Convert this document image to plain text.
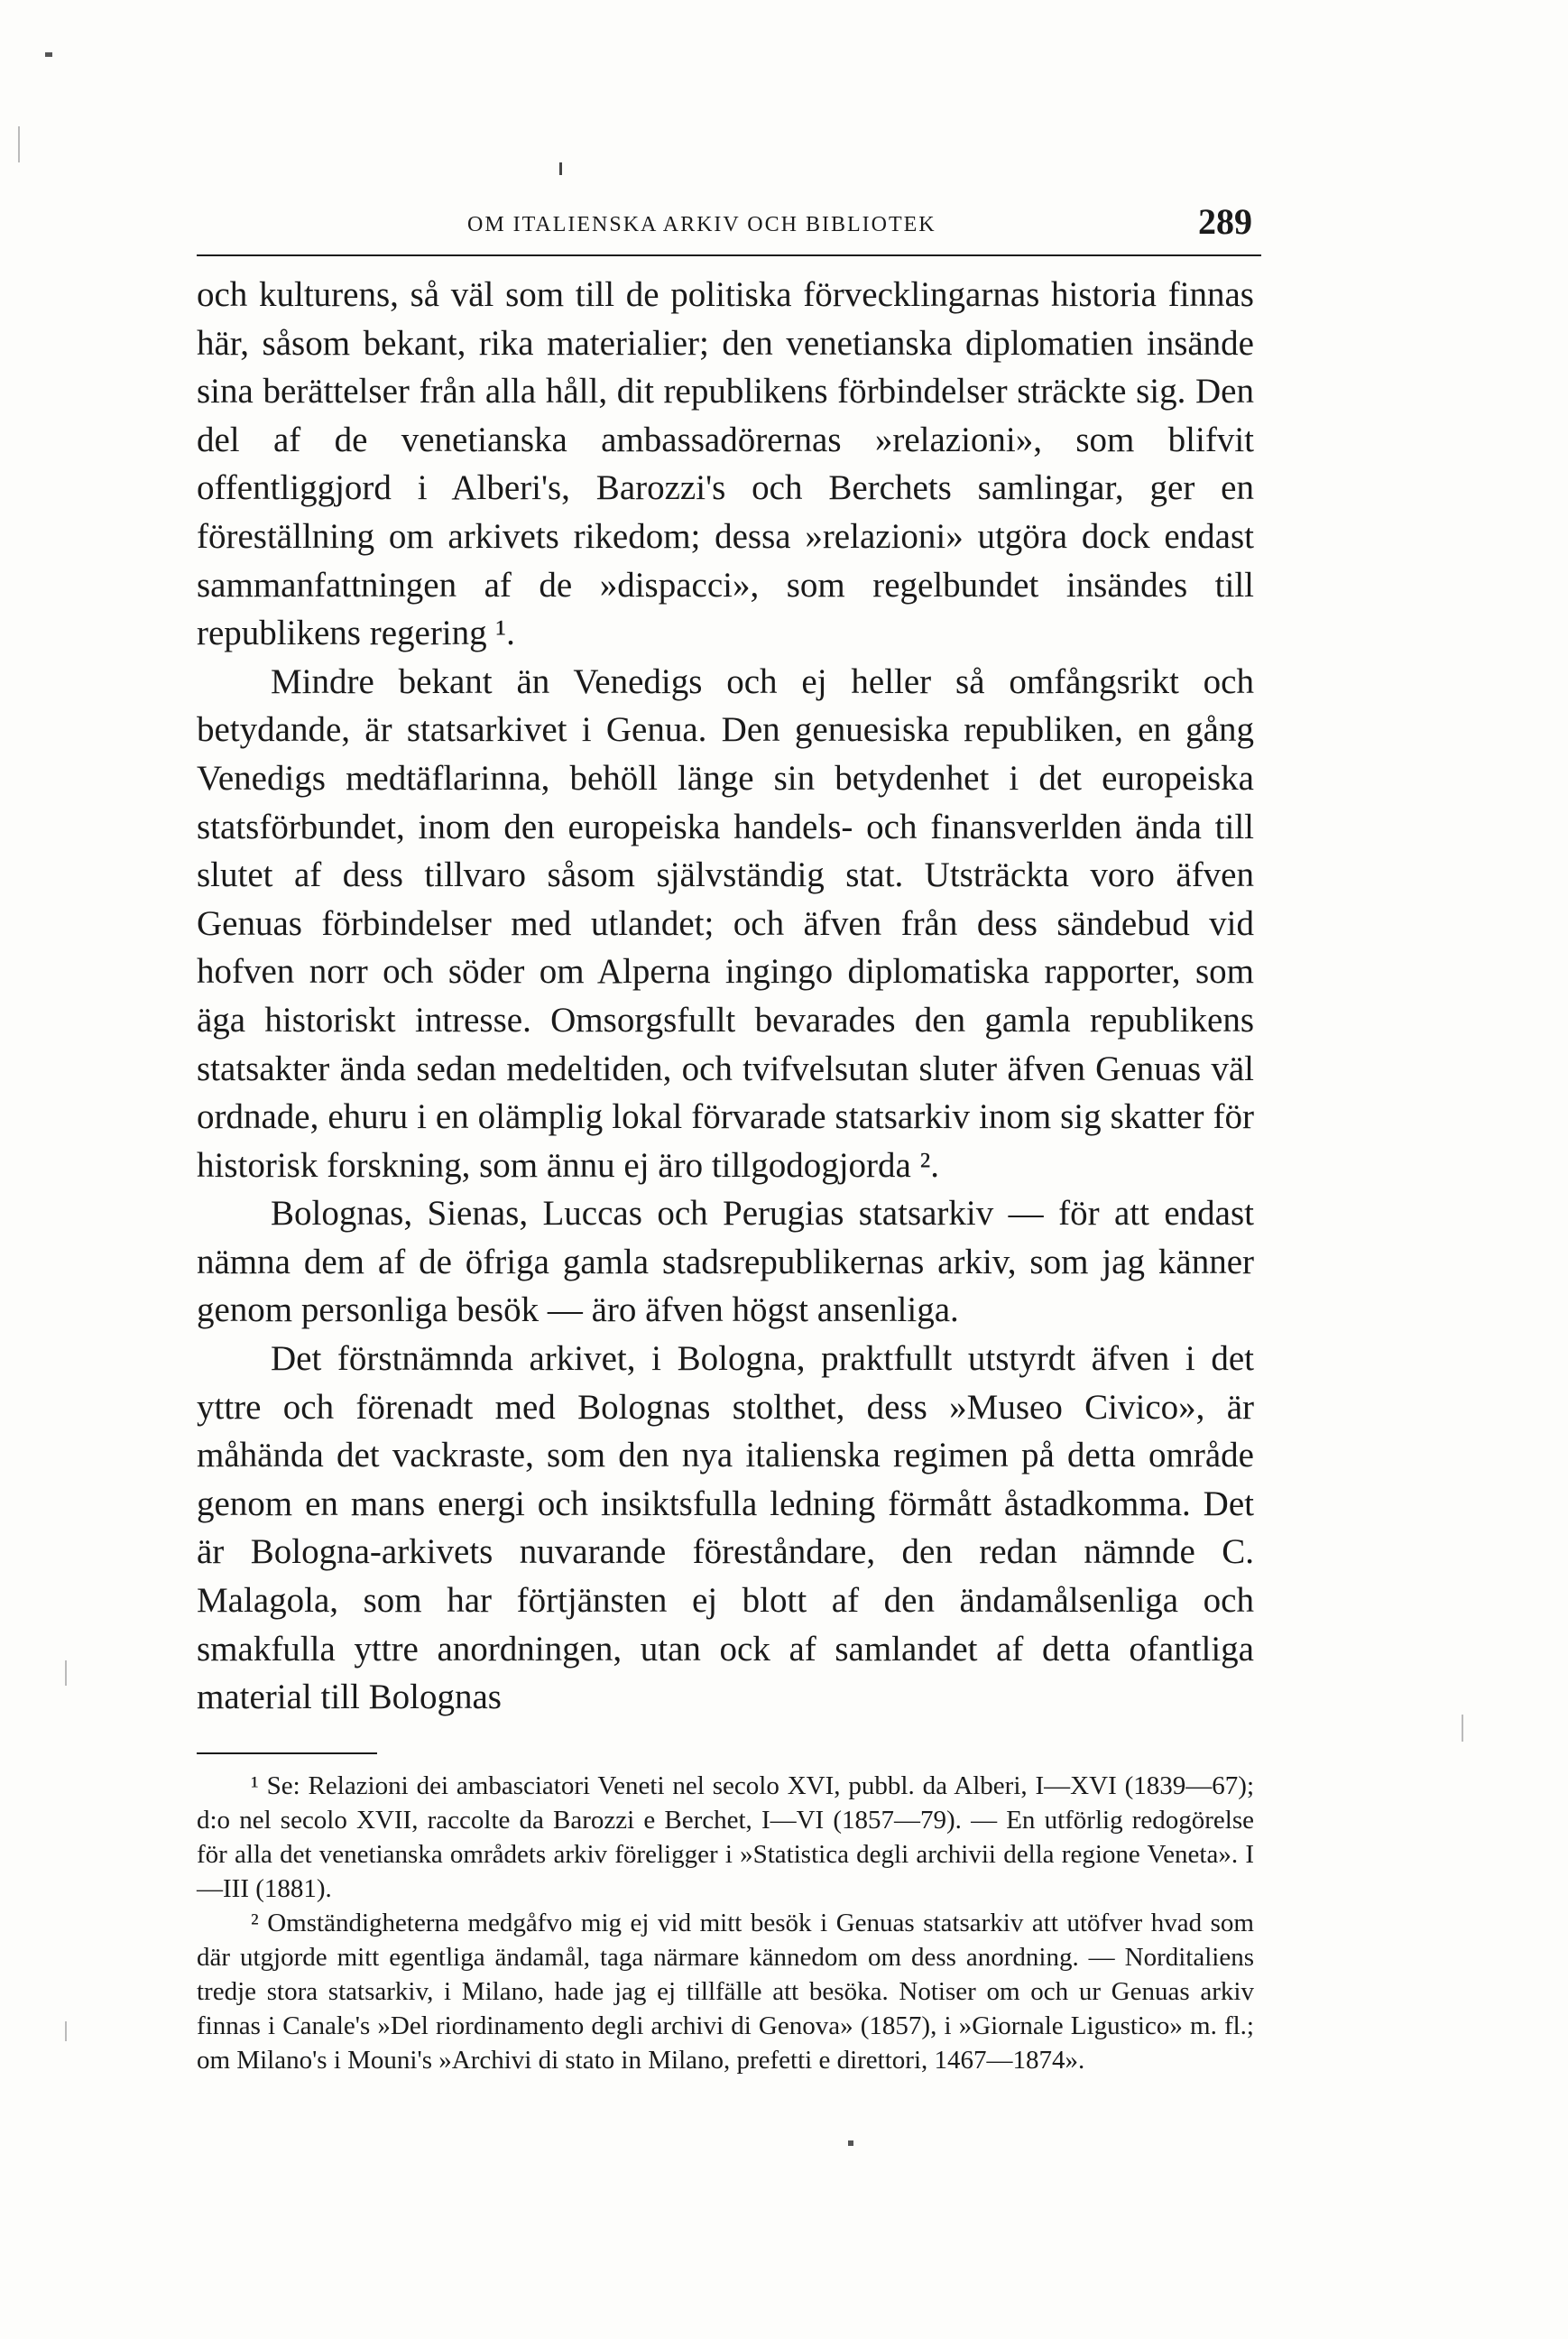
OM ITALIENSKA ARKIV OCH BIBLIOTEK	289

och kulturens, så väl som till de politiska förvecklingarnas historia finnas här, såsom bekant, rika materialier; den venetianska diplomatien insände sina berättelser från alla håll, dit republikens förbindelser sträckte sig. Den del af de venetianska ambassadörernas »relazioni», som blifvit offentliggjord i Alberi's, Barozzi's och Berchets samlingar, ger en föreställning om arkivets rikedom; dessa »relazioni» utgöra dock endast sammanfattningen af de »dispacci», som regelbundet insändes till republikens regering ¹.

Mindre bekant än Venedigs och ej heller så omfångsrikt och betydande, är statsarkivet i Genua. Den genuesiska republiken, en gång Venedigs medtäflarinna, behöll länge sin betydenhet i det europeiska statsförbundet, inom den europeiska handels- och finansverlden ända till slutet af dess tillvaro såsom självständig stat. Utsträckta voro äfven Genuas förbindelser med utlandet; och äfven från dess sändebud vid hofven norr och söder om Alperna ingingo diplomatiska rapporter, som äga historiskt intresse. Omsorgsfullt bevarades den gamla republikens statsakter ända sedan medeltiden, och tvifvelsutan sluter äfven Genuas väl ordnade, ehuru i en olämplig lokal förvarade statsarkiv inom sig skatter för historisk forskning, som ännu ej äro tillgodogjorda ².

Bolognas, Sienas, Luccas och Perugias statsarkiv — för att endast nämna dem af de öfriga gamla stadsrepublikernas arkiv, som jag känner genom personliga besök — äro äfven högst ansenliga.

Det förstnämnda arkivet, i Bologna, praktfullt utstyrdt äfven i det yttre och förenadt med Bolognas stolthet, dess »Museo Civico», är måhända det vackraste, som den nya italienska regimen på detta område genom en mans energi och insiktsfulla ledning förmått åstadkomma. Det är Bologna-arkivets nuvarande föreståndare, den redan nämnde C. Malagola, som har förtjänsten ej blott af den ändamålsenliga och smakfulla yttre anordningen, utan ock af samlandet af detta ofantliga material till Bolognas

¹ Se: Relazioni dei ambasciatori Veneti nel secolo XVI, pubbl. da Alberi, I—XVI (1839—67); d:o nel secolo XVII, raccolte da Barozzi e Berchet, I—VI (1857—79). — En utförlig redogörelse för alla det venetianska områdets arkiv föreligger i »Statistica degli archivii della regione Veneta». I—III (1881).

² Omständigheterna medgåfvo mig ej vid mitt besök i Genuas statsarkiv att utöfver hvad som där utgjorde mitt egentliga ändamål, taga närmare kännedom om dess anordning. — Norditaliens tredje stora statsarkiv, i Milano, hade jag ej tillfälle att besöka. Notiser om och ur Genuas arkiv finnas i Canale's »Del riordinamento degli archivi di Genova» (1857), i »Giornale Ligustico» m. fl.; om Milano's i Mouni's »Archivi di stato in Milano, prefetti e direttori, 1467—1874».
